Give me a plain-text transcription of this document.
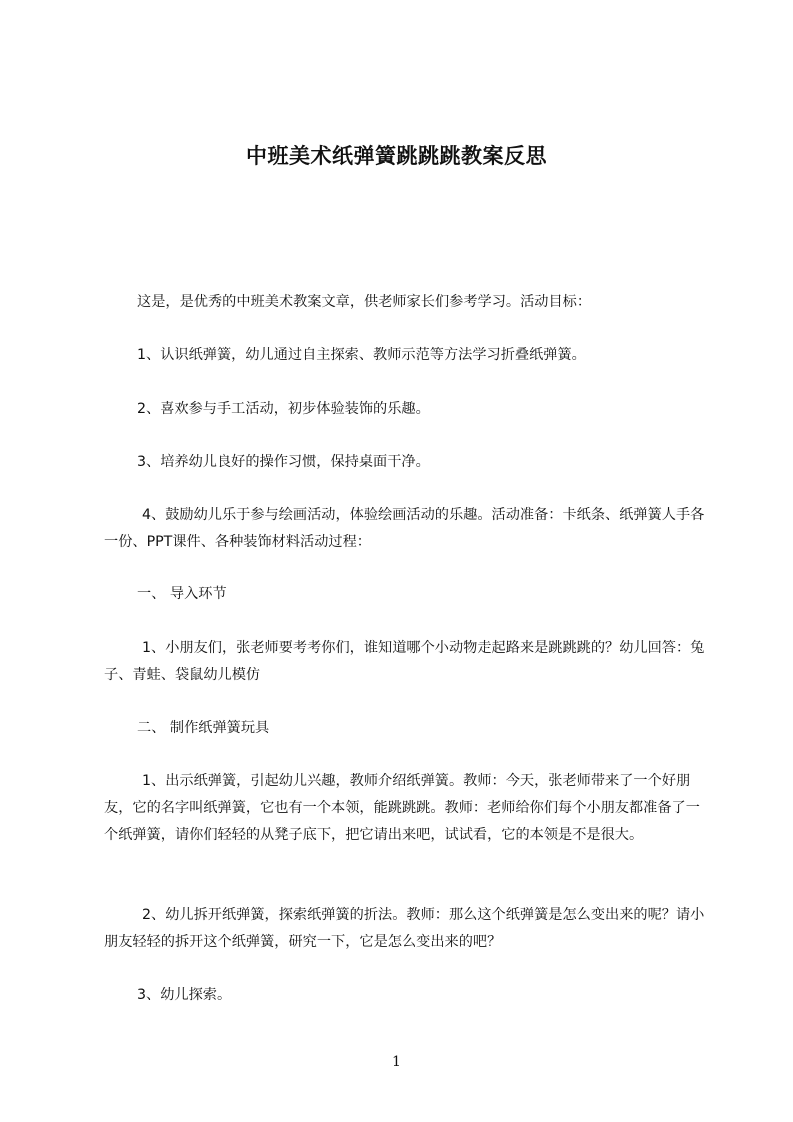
中班美术纸弹簧跳跳跳教案反思

这是，是优秀的中班美术教案文章，供老师家长们参考学习。活动目标：

1、认识纸弹簧，幼儿通过自主探索、教师示范等方法学习折叠纸弹簧。

2、喜欢参与手工活动，初步体验装饰的乐趣。

3、培养幼儿良好的操作习惯，保持桌面干净。

4、鼓励幼儿乐于参与绘画活动，体验绘画活动的乐趣。活动准备：卡纸条、纸弹簧人手各一份、PPT课件、各种装饰材料活动过程：

一、 导入环节

1、小朋友们，张老师要考考你们，谁知道哪个小动物走起路来是跳跳跳的？幼儿回答：兔子、青蛙、袋鼠幼儿模仿

二、 制作纸弹簧玩具

1、出示纸弹簧，引起幼儿兴趣，教师介绍纸弹簧。教师：今天，张老师带来了一个好朋友，它的名字叫纸弹簧，它也有一个本领，能跳跳跳。教师：老师给你们每个小朋友都准备了一个纸弹簧，请你们轻轻的从凳子底下，把它请出来吧，试试看，它的本领是不是很大。

2、幼儿拆开纸弹簧，探索纸弹簧的折法。教师：那么这个纸弹簧是怎么变出来的呢？请小朋友轻轻的拆开这个纸弹簧，研究一下，它是怎么变出来的吧？

3、幼儿探索。

1
